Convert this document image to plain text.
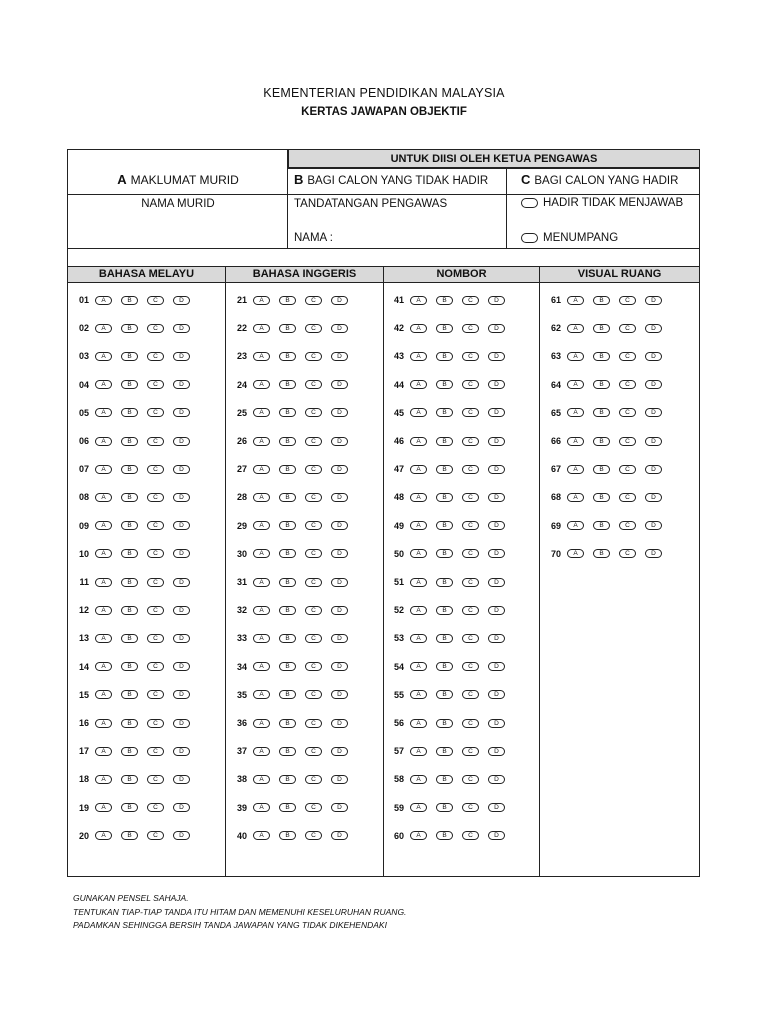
KEMENTERIAN PENDIDIKAN MALAYSIA
KERTAS JAWAPAN OBJEKTIF
UNTUK DIISI OLEH KETUA PENGAWAS
A MAKLUMAT MURID	B BAGI CALON YANG TIDAK HADIR	C BAGI CALON YANG HADIR
NAMA MURID	TANDATANGAN PENGAWAS
NAMA :
HADIR TIDAK MENJAWAB
MENUMPANG
BAHASA MELAYU	BAHASA INGGERIS	NOMBOR	VISUAL RUANG
01	A	B	C	D
02	A	B	C	D
03	A	B	C	D
04	A	B	C	D
05	A	B	C	D
06	A	B	C	D
07	A	B	C	D
08	A	B	C	D
09	A	B	C	D
10	A	B	C	D
11	A	B	C	D
12	A	B	C	D
13	A	B	C	D
14	A	B	C	D
15	A	B	C	D
16	A	B	C	D
17	A	B	C	D
18	A	B	C	D
19	A	B	C	D
20	A	B	C	D
21	A	B	C	D
22	A	B	C	D
23	A	B	C	D
24	A	B	C	D
25	A	B	C	D
26	A	B	C	D
27	A	B	C	D
28	A	B	C	D
29	A	B	C	D
30	A	B	C	D
31	A	B	C	D
32	A	B	C	D
33	A	B	C	D
34	A	B	C	D
35	A	B	C	D
36	A	B	C	D
37	A	B	C	D
38	A	B	C	D
39	A	B	C	D
40	A	B	C	D
41	A	B	C	D
42	A	B	C	D
43	A	B	C	D
44	A	B	C	D
45	A	B	C	D
46	A	B	C	D
47	A	B	C	D
48	A	B	C	D
49	A	B	C	D
50	A	B	C	D
51	A	B	C	D
52	A	B	C	D
53	A	B	C	D
54	A	B	C	D
55	A	B	C	D
56	A	B	C	D
57	A	B	C	D
58	A	B	C	D
59	A	B	C	D
60	A	B	C	D
61	A	B	C	D
62	A	B	C	D
63	A	B	C	D
64	A	B	C	D
65	A	B	C	D
66	A	B	C	D
67	A	B	C	D
68	A	B	C	D
69	A	B	C	D
70	A	B	C	D
GUNAKAN PENSEL SAHAJA.
TENTUKAN TIAP-TIAP TANDA ITU HITAM DAN MEMENUHI KESELURUHAN RUANG.
PADAMKAN SEHINGGA BERSIH TANDA JAWAPAN YANG TIDAK DIKEHENDAKI
